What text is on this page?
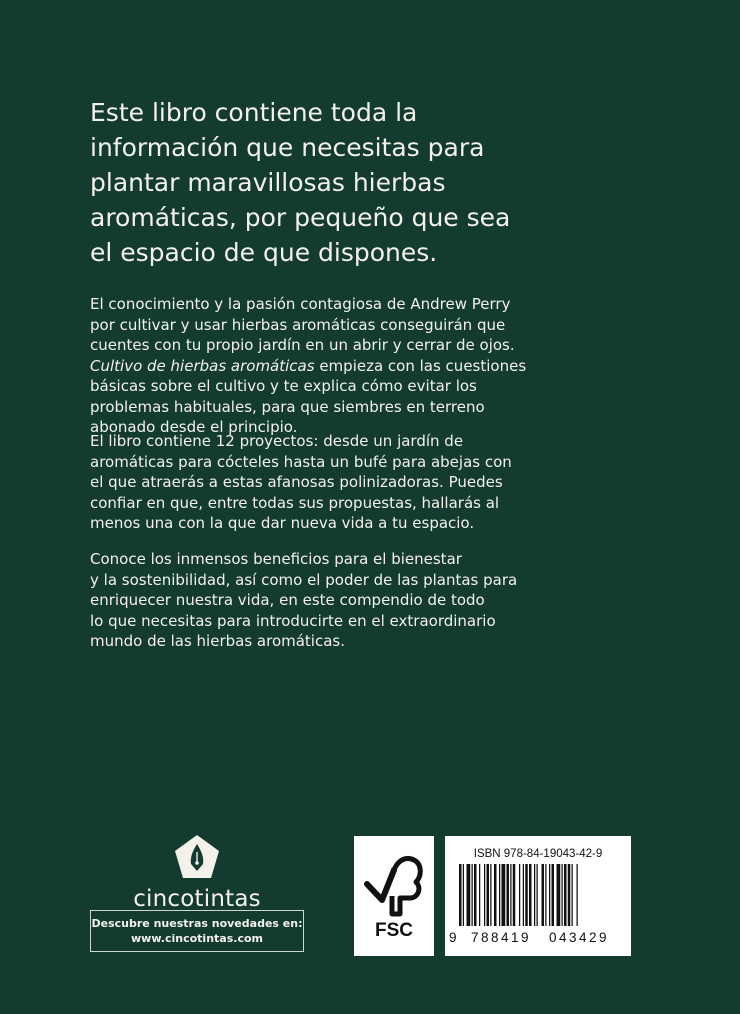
Este libro contiene toda la
información que necesitas para
plantar maravillosas hierbas
aromáticas, por pequeño que sea
el espacio de que dispones.

El conocimiento y la pasión contagiosa de Andrew Perry
por cultivar y usar hierbas aromáticas conseguirán que
cuentes con tu propio jardín en un abrir y cerrar de ojos.
Cultivo de hierbas aromáticas empieza con las cuestiones
básicas sobre el cultivo y te explica cómo evitar los
problemas habituales, para que siembres en terreno
abonado desde el principio.

El libro contiene 12 proyectos: desde un jardín de
aromáticas para cócteles hasta un bufé para abejas con
el que atraerás a estas afanosas polinizadoras. Puedes
confiar en que, entre todas sus propuestas, hallarás al
menos una con la que dar nueva vida a tu espacio.

Conoce los inmensos beneficios para el bienestar
y la sostenibilidad, así como el poder de las plantas para
enriquecer nuestra vida, en este compendio de todo
lo que necesitas para introducirte en el extraordinario
mundo de las hierbas aromáticas.

cincotintas
Descubre nuestras novedades en:
www.cincotintas.com	FSC
ISBN 978-84-19043-42-9
9 788419 043429
